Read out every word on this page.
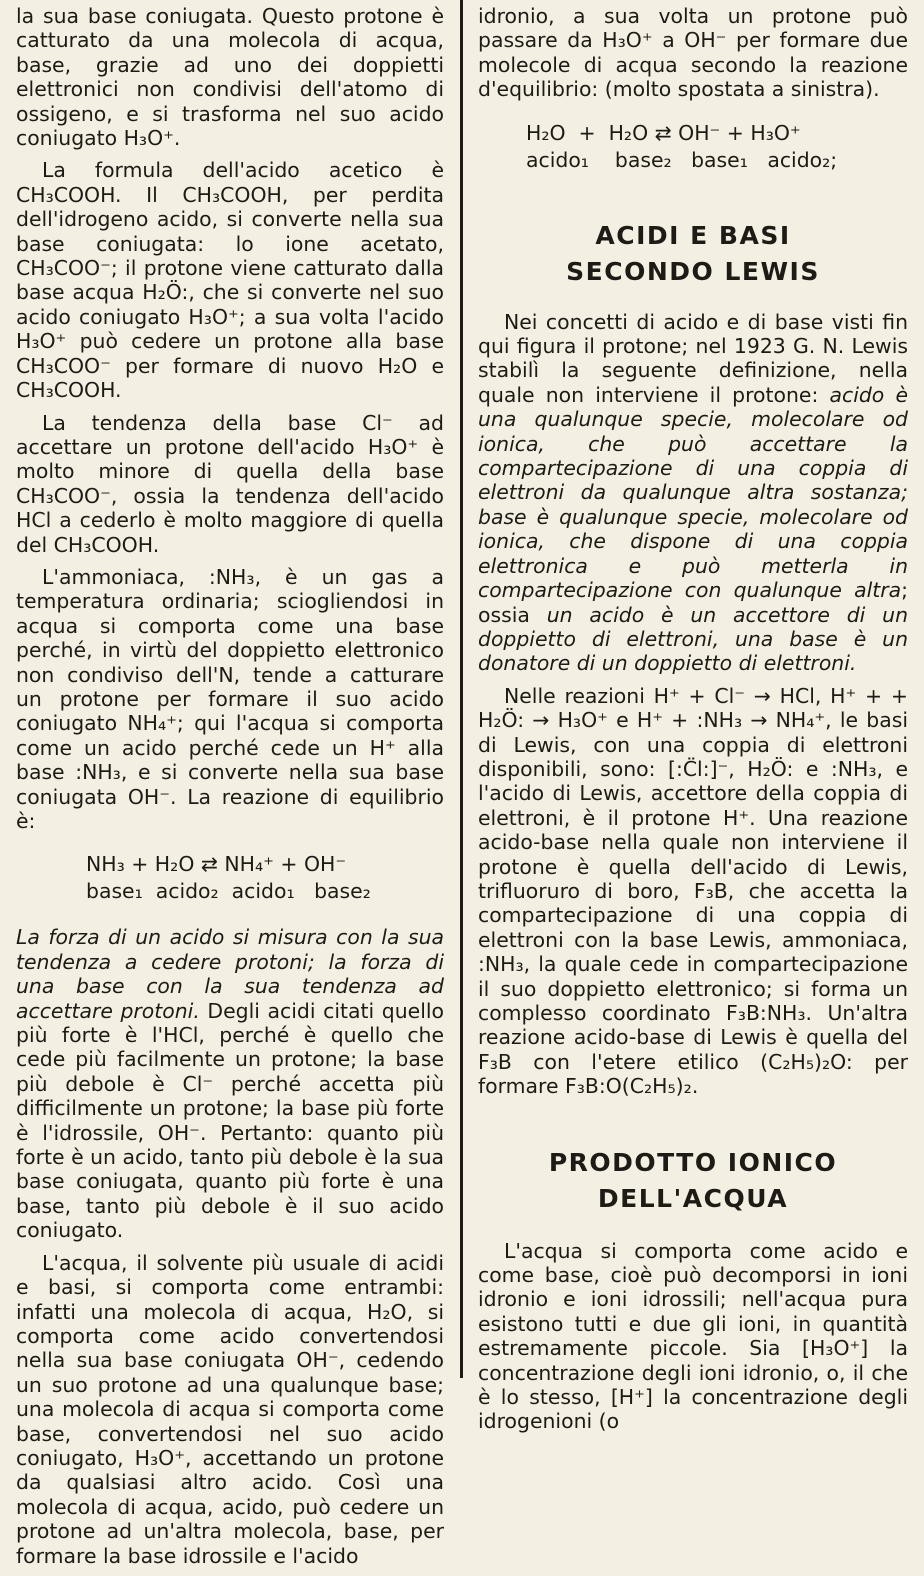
la sua base coniugata. Questo protone è catturato da una molecola di acqua, base, grazie ad uno dei doppietti elettronici non condivisi dell'atomo di ossigeno, e si trasforma nel suo acido coniugato H₃O⁺.

La formula dell'acido acetico è CH₃COOH. Il CH₃COOH, per perdita dell'idrogeno acido, si converte nella sua base coniugata: lo ione acetato, CH₃COO⁻; il protone viene catturato dalla base acqua H₂Ö:, che si converte nel suo acido coniugato H₃O⁺; a sua volta l'acido H₃O⁺ può cedere un protone alla base CH₃COO⁻ per formare di nuovo H₂O e CH₃COOH.

La tendenza della base Cl⁻ ad accettare un protone dell'acido H₃O⁺ è molto minore di quella della base CH₃COO⁻, ossia la tendenza dell'acido HCl a cederlo è molto maggiore di quella del CH₃COOH.

L'ammoniaca, :NH₃, è un gas a temperatura ordinaria; sciogliendosi in acqua si comporta come una base perché, in virtù del doppietto elettronico non condiviso dell'N, tende a catturare un protone per formare il suo acido coniugato NH₄⁺; qui l'acqua si comporta come un acido perché cede un H⁺ alla base :NH₃, e si converte nella sua base coniugata OH⁻. La reazione di equilibrio è:

NH₃ + H₂O ⇄ NH₄⁺ + OH⁻
base₁  acido₂  acido₁   base₂

La forza di un acido si misura con la sua tendenza a cedere protoni; la forza di una base con la sua tendenza ad accettare protoni. Degli acidi citati quello più forte è l'HCl, perché è quello che cede più facilmente un protone; la base più debole è Cl⁻ perché accetta più difficilmente un protone; la base più forte è l'idrossile, OH⁻. Pertanto: quanto più forte è un acido, tanto più debole è la sua base coniugata, quanto più forte è una base, tanto più debole è il suo acido coniugato.

L'acqua, il solvente più usuale di acidi e basi, si comporta come entrambi: infatti una molecola di acqua, H₂O, si comporta come acido convertendosi nella sua base coniugata OH⁻, cedendo un suo protone ad una qualunque base; una molecola di acqua si comporta come base, convertendosi nel suo acido coniugato, H₃O⁺, accettando un protone da qualsiasi altro acido. Così una molecola di acqua, acido, può cedere un protone ad un'altra molecola, base, per formare la base idrossile e l'acido

idronio, a sua volta un protone può passare da H₃O⁺ a OH⁻ per formare due molecole di acqua secondo la reazione d'equilibrio: (molto spostata a sinistra).

H₂O  +  H₂O ⇄ OH⁻ + H₃O⁺
acido₁    base₂   base₁   acido₂;
ACIDI E BASI
SECONDO LEWIS

Nei concetti di acido e di base visti fin qui figura il protone; nel 1923 G. N. Lewis stabilì la seguente definizione, nella quale non interviene il protone: acido è una qualunque specie, molecolare od ionica, che può accettare la compartecipazione di una coppia di elettroni da qualunque altra sostanza; base è qualunque specie, molecolare od ionica, che dispone di una coppia elettronica e può metterla in compartecipazione con qualunque altra; ossia un acido è un accettore di un doppietto di elettroni, una base è un donatore di un doppietto di elettroni.

Nelle reazioni H⁺ + Cl⁻ → HCl, H⁺ + + H₂Ö: → H₃O⁺ e H⁺ + :NH₃ → NH₄⁺, le basi di Lewis, con una coppia di elettroni disponibili, sono: [:C̈l:]⁻, H₂Ö: e :NH₃, e l'acido di Lewis, accettore della coppia di elettroni, è il protone H⁺. Una reazione acido-base nella quale non interviene il protone è quella dell'acido di Lewis, trifluoruro di boro, F₃B, che accetta la compartecipazione di una coppia di elettroni con la base Lewis, ammoniaca, :NH₃, la quale cede in compartecipazione il suo doppietto elettronico; si forma un complesso coordinato F₃B:NH₃. Un'altra reazione acido-base di Lewis è quella del F₃B con l'etere etilico (C₂H₅)₂O: per formare F₃B:O(C₂H₅)₂.

PRODOTTO IONICO
DELL'ACQUA

L'acqua si comporta come acido e come base, cioè può decomporsi in ioni idronio e ioni idrossili; nell'acqua pura esistono tutti e due gli ioni, in quantità estremamente piccole. Sia [H₃O⁺] la concentrazione degli ioni idronio, o, il che è lo stesso, [H⁺] la concentrazione degli idrogenioni (o
